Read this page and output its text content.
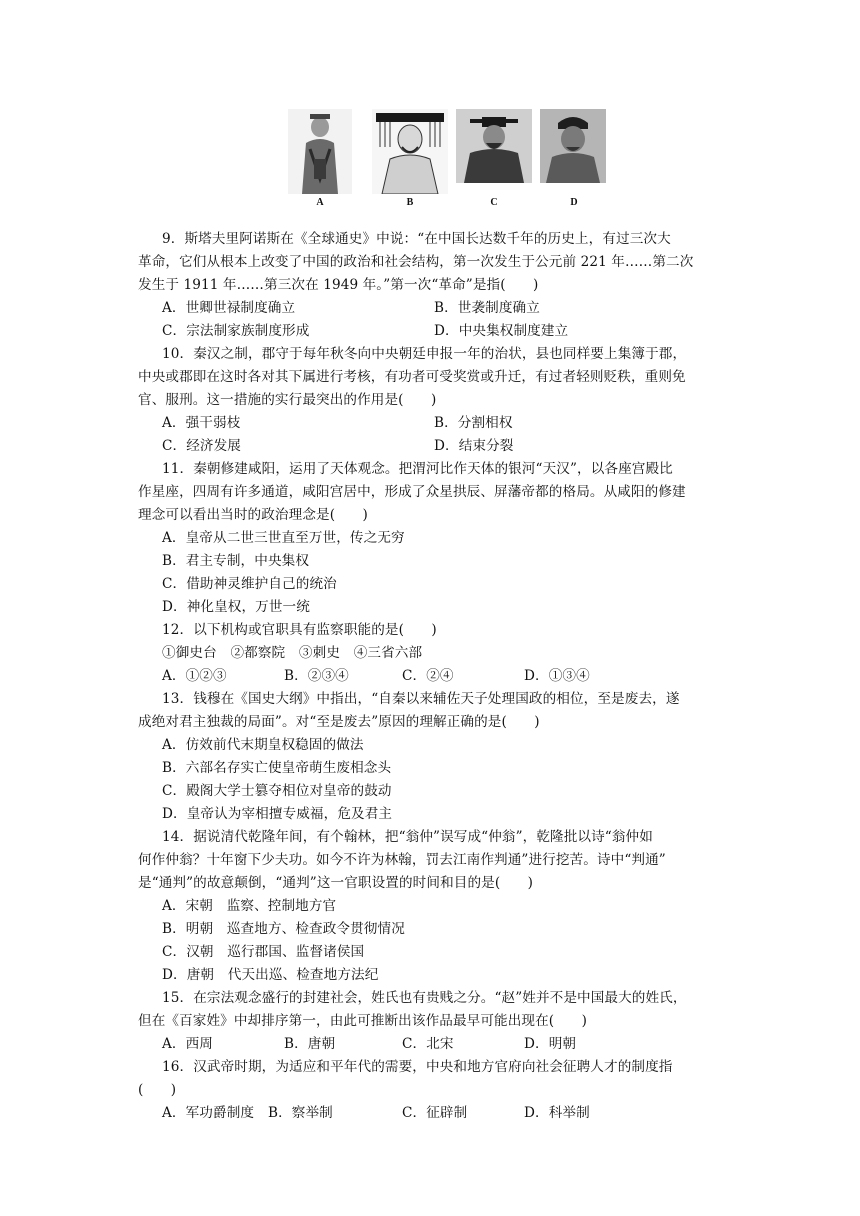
A	B	C	D
9．斯塔夫里阿诺斯在《全球通史》中说：“在中国长达数千年的历史上，有过三次大
革命，它们从根本上改变了中国的政治和社会结构，第一次发生于公元前 221 年……第二次
发生于 1911 年……第三次在 1949 年。”第一次“革命”是指(　　)
A．世卿世禄制度确立	B．世袭制度确立
C．宗法制家族制度形成	D．中央集权制度建立
10．秦汉之制，郡守于每年秋冬向中央朝廷申报一年的治状，县也同样要上集簿于郡，
中央或郡即在这时各对其下属进行考核，有功者可受奖赏或升迁，有过者轻则贬秩，重则免
官、服刑。这一措施的实行最突出的作用是(　　)
A．强干弱枝	B．分割相权
C．经济发展	D．结束分裂
11．秦朝修建咸阳，运用了天体观念。把渭河比作天体的银河“天汉”，以各座宫殿比
作星座，四周有许多通道，咸阳宫居中，形成了众星拱辰、屏藩帝都的格局。从咸阳的修建
理念可以看出当时的政治理念是(　　)
A．皇帝从二世三世直至万世，传之无穷
B．君主专制，中央集权
C．借助神灵维护自己的统治
D．神化皇权，万世一统
12．以下机构或官职具有监察职能的是(　　)
①御史台　②都察院　③刺史　④三省六部
A．①②③	B．②③④	C．②④	D．①③④
13．钱穆在《国史大纲》中指出，“自秦以来辅佐天子处理国政的相位，至是废去，遂
成绝对君主独裁的局面”。对“至是废去”原因的理解正确的是(　　)
A．仿效前代末期皇权稳固的做法
B．六部名存实亡使皇帝萌生废相念头
C．殿阁大学士篡夺相位对皇帝的鼓动
D．皇帝认为宰相擅专威福，危及君主
14．据说清代乾隆年间，有个翰林，把“翁仲”误写成“仲翁”，乾隆批以诗“翁仲如
何作仲翁？十年窗下少夫功。如今不许为林翰，罚去江南作判通”进行挖苦。诗中“判通”
是“通判”的故意颠倒，“通判”这一官职设置的时间和目的是(　　)
A．宋朝　监察、控制地方官
B．明朝　巡查地方、检查政令贯彻情况
C．汉朝　巡行郡国、监督诸侯国
D．唐朝　代天出巡、检查地方法纪
15．在宗法观念盛行的封建社会，姓氏也有贵贱之分。“赵”姓并不是中国最大的姓氏，
但在《百家姓》中却排序第一，由此可推断出该作品最早可能出现在(　　)
A．西周	B．唐朝	C．北宋	D．明朝
16．汉武帝时期，为适应和平年代的需要，中央和地方官府向社会征聘人才的制度指
(　　)
A．军功爵制度 B．察举制	C．征辟制	D．科举制
